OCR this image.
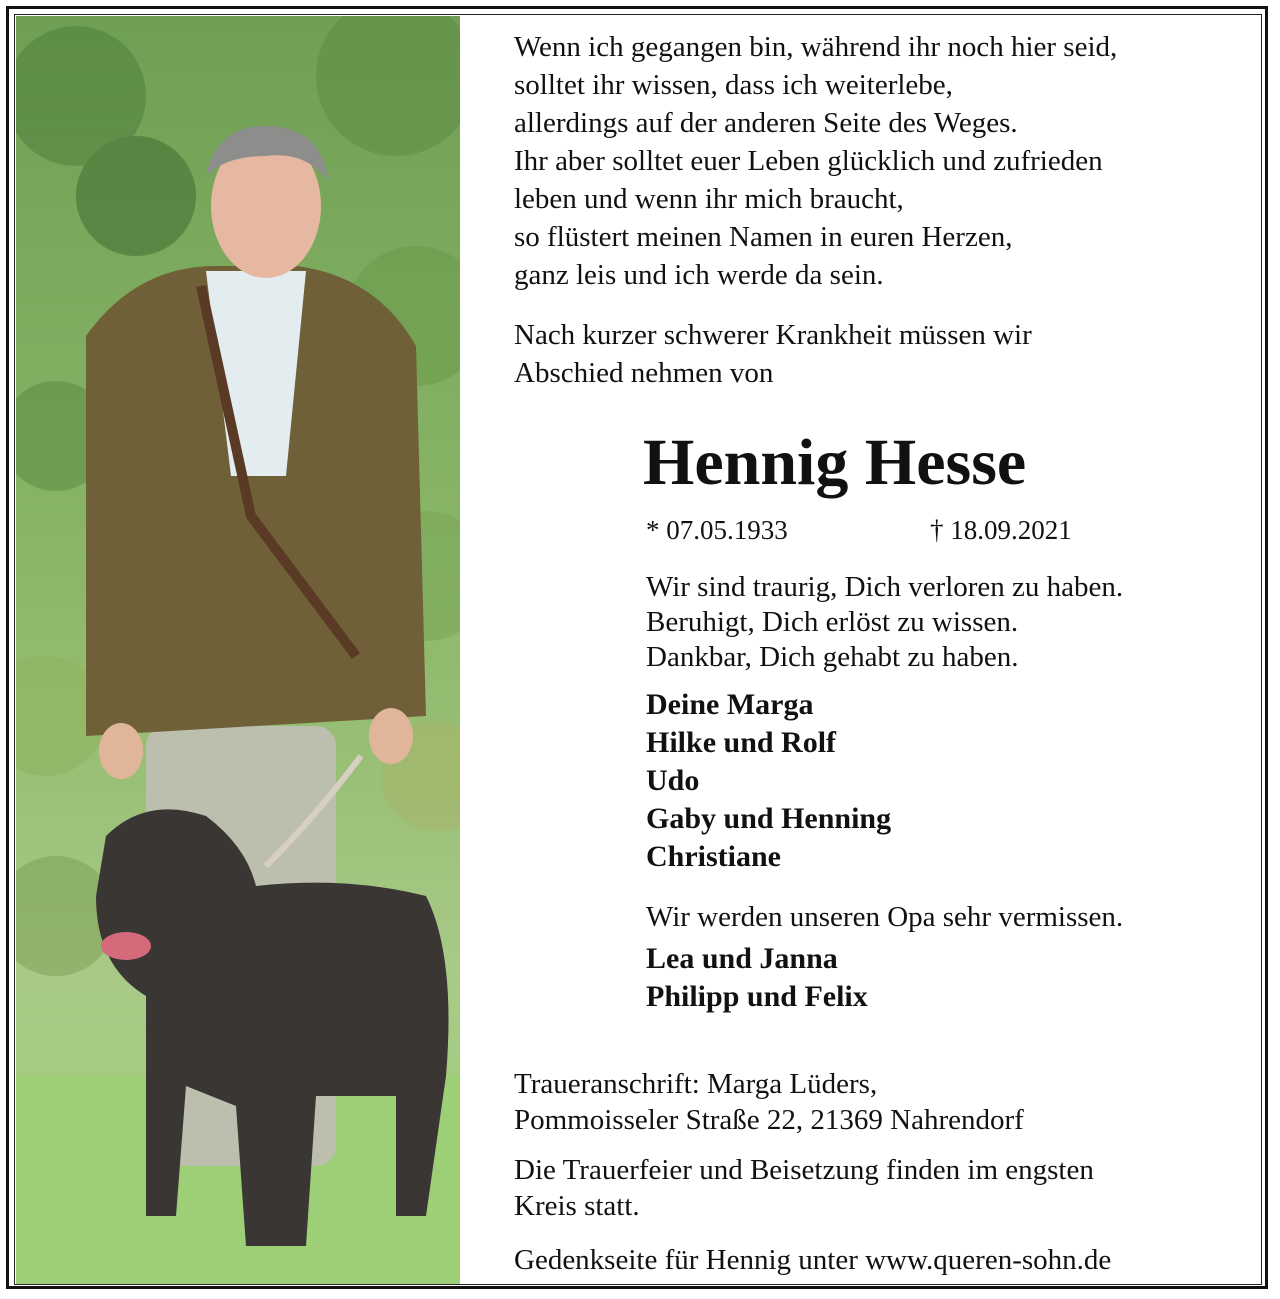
Wenn ich gegangen bin, während ihr noch hier seid,
solltet ihr wissen, dass ich weiterlebe,
allerdings auf der anderen Seite des Weges.
Ihr aber solltet euer Leben glücklich und zufrieden
leben und wenn ihr mich braucht,
so flüstert meinen Namen in euren Herzen,
ganz leis und ich werde da sein.

Nach kurzer schwerer Krankheit müssen wir
Abschied nehmen von

Hennig Hesse
* 07.05.1933	† 18.09.2021
Wir sind traurig, Dich verloren zu haben.
Beruhigt, Dich erlöst zu wissen.
Dankbar, Dich gehabt zu haben.
Deine Marga
Hilke und Rolf
Udo
Gaby und Henning
Christiane
Wir werden unseren Opa sehr vermissen.
Lea und Janna
Philipp und Felix
Traueranschrift: Marga Lüders,
Pommoisseler Straße 22, 21369 Nahrendorf
Die Trauerfeier und Beisetzung finden im engsten
Kreis statt.
Gedenkseite für Hennig unter www.queren-sohn.de
